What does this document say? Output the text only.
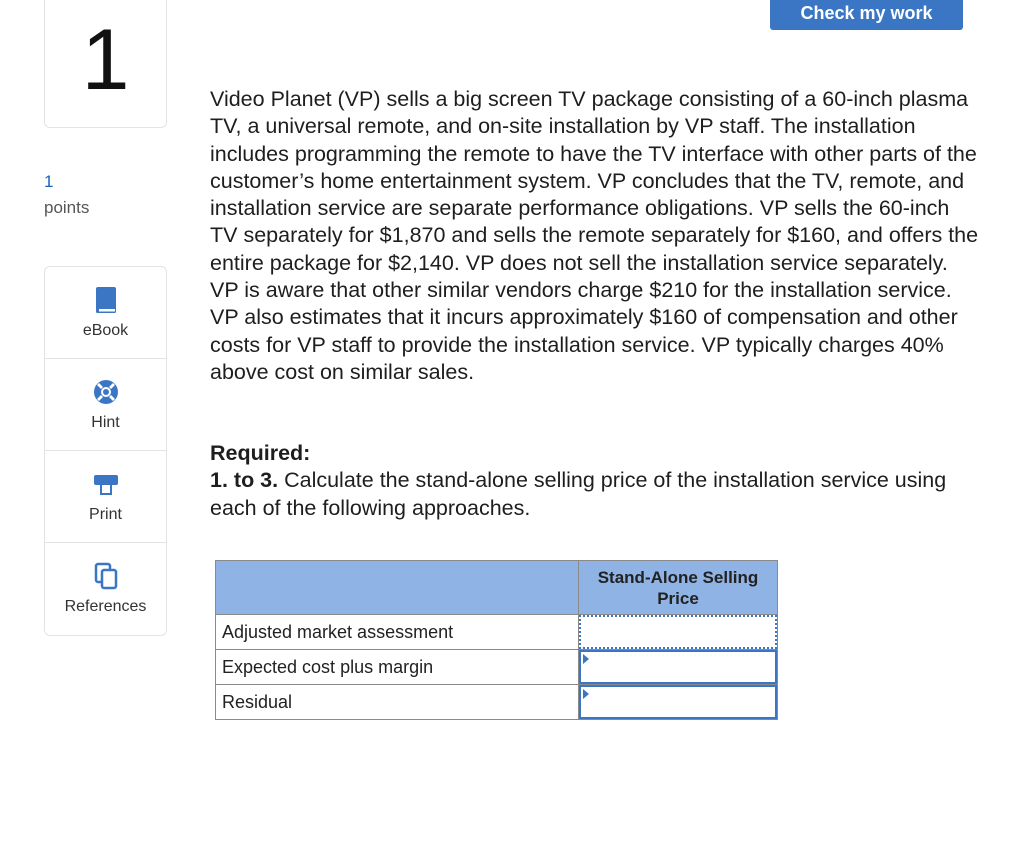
1
1
points
eBook
Hint
Print
References
Check my work

Video Planet (VP) sells a big screen TV package consisting of a 60-inch plasma TV, a universal remote, and on-site installation by VP staff. The installation includes programming the remote to have the TV interface with other parts of the customer’s home entertainment system. VP concludes that the TV, remote, and installation service are separate performance obligations. VP sells the 60-inch TV separately for $1,870 and sells the remote separately for $160, and offers the entire package for $2,140. VP does not sell the installation service separately. VP is aware that other similar vendors charge $210 for the installation service. VP also estimates that it incurs approximately $160 of compensation and other costs for VP staff to provide the installation service. VP typically charges 40% above cost on similar sales.

Required:
1. to 3. Calculate the stand-alone selling price of the installation service using each of the following approaches.
	Stand-Alone Selling
Price
Adjusted market assessment	

Expected cost plus margin	

Residual	
